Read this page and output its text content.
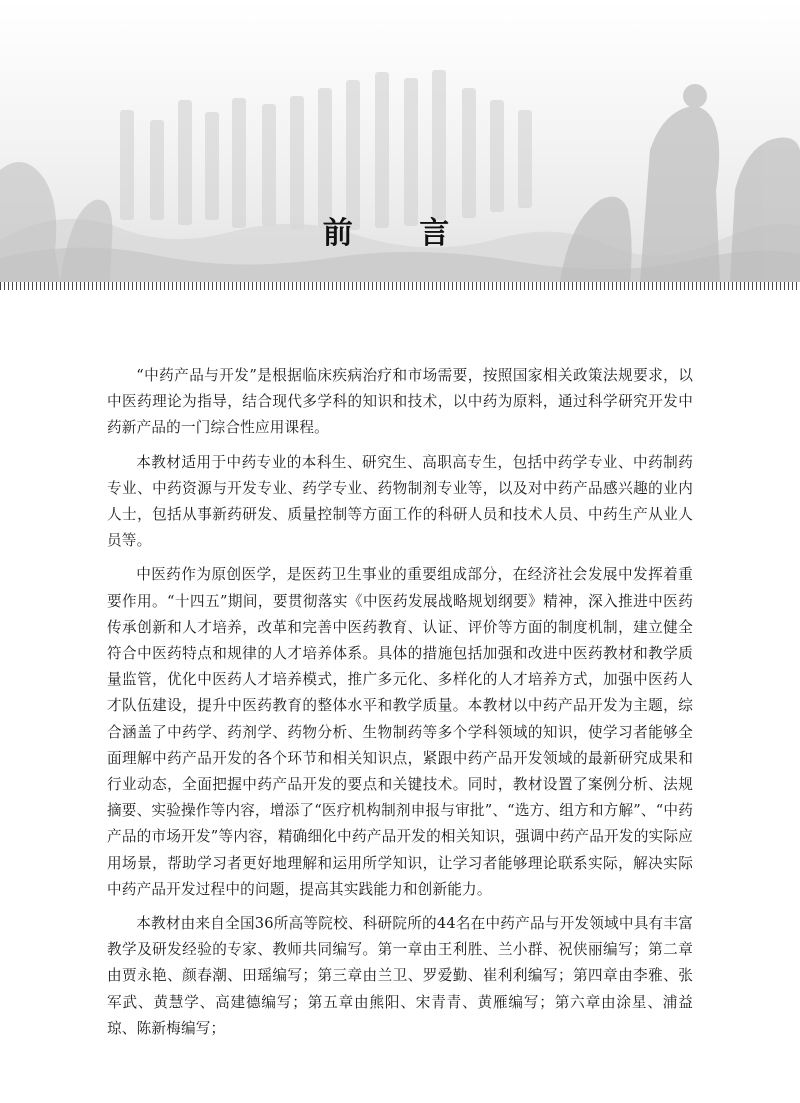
前 言

“中药产品与开发”是根据临床疾病治疗和市场需要，按照国家相关政策法规要求，以中医药理论为指导，结合现代多学科的知识和技术，以中药为原料，通过科学研究开发中药新产品的一门综合性应用课程。

本教材适用于中药专业的本科生、研究生、高职高专生，包括中药学专业、中药制药专业、中药资源与开发专业、药学专业、药物制剂专业等，以及对中药产品感兴趣的业内人士，包括从事新药研发、质量控制等方面工作的科研人员和技术人员、中药生产从业人员等。

中医药作为原创医学，是医药卫生事业的重要组成部分，在经济社会发展中发挥着重要作用。“十四五”期间，要贯彻落实《中医药发展战略规划纲要》精神，深入推进中医药传承创新和人才培养，改革和完善中医药教育、认证、评价等方面的制度机制，建立健全符合中医药特点和规律的人才培养体系。具体的措施包括加强和改进中医药教材和教学质量监管，优化中医药人才培养模式，推广多元化、多样化的人才培养方式，加强中医药人才队伍建设，提升中医药教育的整体水平和教学质量。本教材以中药产品开发为主题，综合涵盖了中药学、药剂学、药物分析、生物制药等多个学科领域的知识，使学习者能够全面理解中药产品开发的各个环节和相关知识点，紧跟中药产品开发领域的最新研究成果和行业动态，全面把握中药产品开发的要点和关键技术。同时，教材设置了案例分析、法规摘要、实验操作等内容，增添了“医疗机构制剂申报与审批”、“选方、组方和方解”、“中药产品的市场开发”等内容，精确细化中药产品开发的相关知识，强调中药产品开发的实际应用场景，帮助学习者更好地理解和运用所学知识，让学习者能够理论联系实际，解决实际中药产品开发过程中的问题，提高其实践能力和创新能力。

本教材由来自全国36所高等院校、科研院所的44名在中药产品与开发领域中具有丰富教学及研发经验的专家、教师共同编写。第一章由王利胜、兰小群、祝侠丽编写；第二章由贾永艳、颜春潮、田瑶编写；第三章由兰卫、罗爱勤、崔利利编写；第四章由李雅、张军武、黄慧学、高建德编写；第五章由熊阳、宋青青、黄雁编写；第六章由涂星、浦益琼、陈新梅编写；
